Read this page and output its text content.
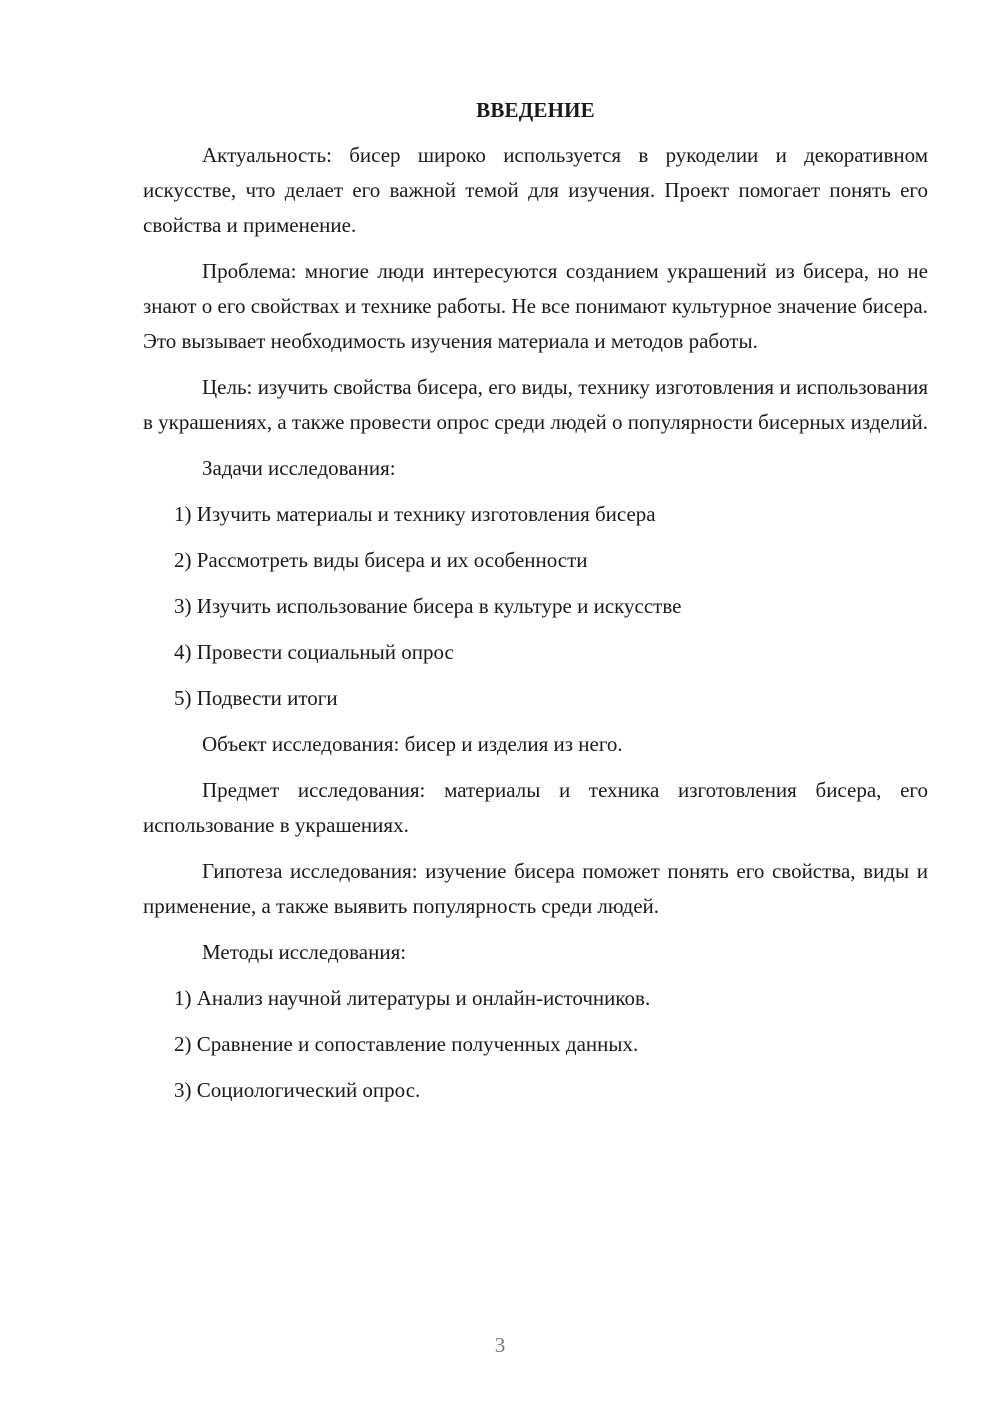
ВВЕДЕНИЕ

Актуальность: бисер широко используется в рукоделии и декоративном искусстве, что делает его важной темой для изучения. Проект помогает понять его свойства и применение.

Проблема: многие люди интересуются созданием украшений из бисера, но не знают о его свойствах и технике работы. Не все понимают культурное значение бисера. Это вызывает необходимость изучения материала и методов работы.

Цель: изучить свойства бисера, его виды, технику изготовления и использования в украшениях, а также провести опрос среди людей о популярности бисерных изделий.

Задачи исследования:

1) Изучить материалы и технику изготовления бисера
2) Рассмотреть виды бисера и их особенности
3) Изучить использование бисера в культуре и искусстве
4) Провести социальный опрос
5) Подвести итоги

Объект исследования: бисер и изделия из него.

Предмет исследования: материалы и техника изготовления бисера, его использование в украшениях.

Гипотеза исследования: изучение бисера поможет понять его свойства, виды и применение, а также выявить популярность среди людей.

Методы исследования:

1) Анализ научной литературы и онлайн-источников.
2) Сравнение и сопоставление полученных данных.
3) Социологический опрос.
3
